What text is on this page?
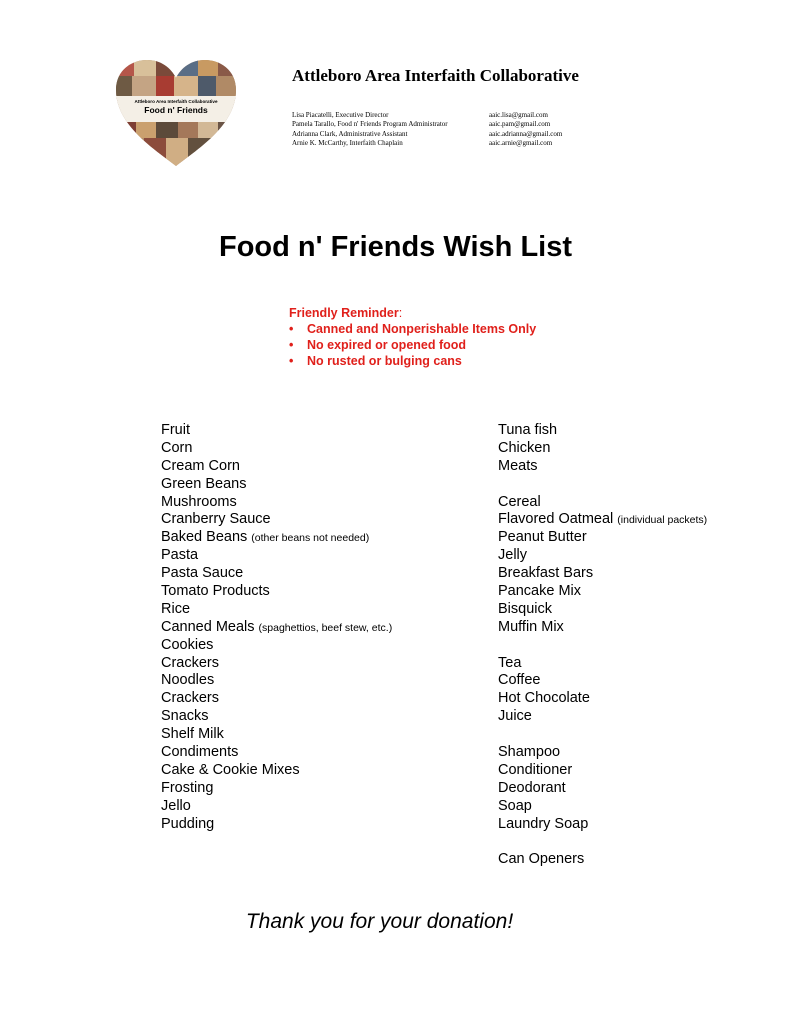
Attleboro Area Interfaith Collaborative
Food n' Friends
Attleboro Area Interfaith Collaborative
Lisa Piacatelli, Executive Director	aaic.lisa@gmail.com
Pamela Tarallo, Food n' Friends Program Administrator	aaic.pam@gmail.com
Adrianna Clark, Administrative Assistant	aaic.adrianna@gmail.com
Arnie K. McCarthy, Interfaith Chaplain	aaic.arnie@gmail.com
Food n' Friends Wish List
Friendly Reminder:
• Canned and Nonperishable Items Only
• No expired or opened food
• No rusted or bulging cans
Fruit
Corn
Cream Corn
Green Beans
Mushrooms
Cranberry Sauce
Baked Beans (other beans not needed)
Pasta
Pasta Sauce
Tomato Products
Rice
Canned Meals (spaghettios, beef stew, etc.)
Cookies
Crackers
Noodles
Crackers
Snacks
Shelf Milk
Condiments
Cake & Cookie Mixes
Frosting
Jello
Pudding
Tuna fish
Chicken
Meats
Cereal
Flavored Oatmeal (individual packets)
Peanut Butter
Jelly
Breakfast Bars
Pancake Mix
Bisquick
Muffin Mix
Tea
Coffee
Hot Chocolate
Juice
Shampoo
Conditioner
Deodorant
Soap
Laundry Soap
Can Openers
Thank you for your donation!
